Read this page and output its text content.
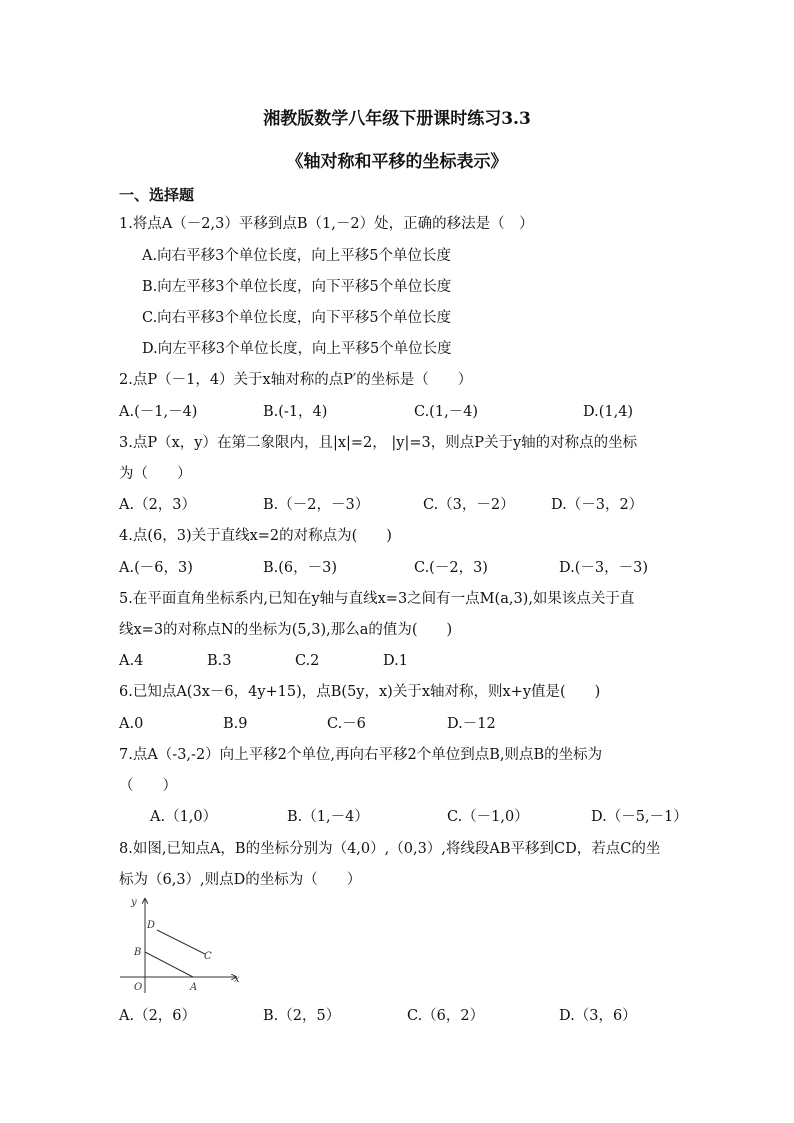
湘教版数学八年级下册课时练习3.3
《轴对称和平移的坐标表示》
一、选择题
1.将点A（－2,3）平移到点B（1,－2）处，正确的移法是（　）
A.向右平移3个单位长度，向上平移5个单位长度
B.向左平移3个单位长度，向下平移5个单位长度
C.向右平移3个单位长度，向下平移5个单位长度
D.向左平移3个单位长度，向上平移5个单位长度
2.点P（－1，4）关于x轴对称的点P′的坐标是（　　）
A.(－1,－4)	B.(-1，4)	C.(1,－4)	D.(1,4)
3.点P（x，y）在第二象限内，且|x|=2， |y|=3，则点P关于y轴的对称点的坐标
为（　　）
A.（2，3）	B.（－2，－3）	C.（3，－2）	D.（－3，2）
4.点(6，3)关于直线x=2的对称点为(　　)
A.(－6，3)	B.(6，－3)	C.(－2，3)	D.(－3，－3)
5.在平面直角坐标系内,已知在y轴与直线x=3之间有一点M(a,3),如果该点关于直
线x=3的对称点N的坐标为(5,3),那么a的值为(　　)
A.4	B.3	C.2	D.1
6.已知点A(3x－6，4y+15)，点B(5y，x)关于x轴对称，则x+y值是(　　)
A.0	B.9	C.－6	D.－12
7.点A（-3,-2）向上平移2个单位,再向右平移2个单位到点B,则点B的坐标为
（　　）
A.（1,0）	B.（1,－4）	C.（－1,0）	D.（－5,－1）
8.如图,已知点A，B的坐标分别为（4,0）,（0,3）,将线段AB平移到CD，若点C的坐
标为（6,3）,则点D的坐标为（　　）
y
x
O	A
B	C
D
A.（2，6）	B.（2，5）	C.（6，2）	D.（3，6）
